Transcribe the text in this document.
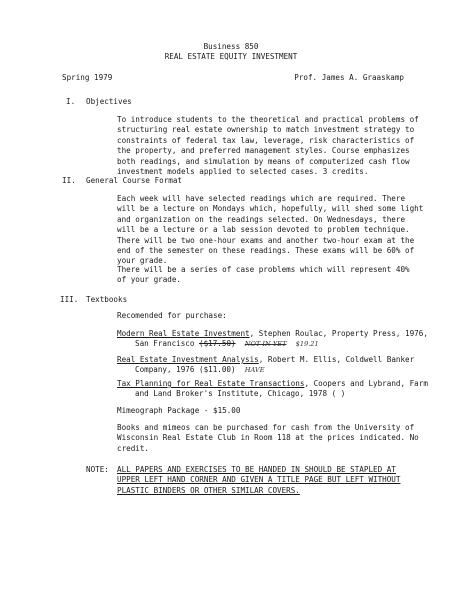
Business 850
REAL ESTATE EQUITY INVESTMENT
Spring 1979	Prof. James A. Graaskamp
I. Objectives
To introduce students to the theoretical and practical problems of
structuring real estate ownership to match investment strategy to
constraints of federal tax law, leverage, risk characteristics of
the property, and preferred management styles. Course emphasizes
both readings, and simulation by means of computerized cash flow
investment models applied to selected cases. 3 credits.
II. General Course Format
Each week will have selected readings which are required. There
will be a lecture on Mondays which, hopefully, will shed some light
and organization on the readings selected. On Wednesdays, there
will be a lecture or a lab session devoted to problem technique.
There will be two one-hour exams and another two-hour exam at the
end of the semester on these readings. These exams will be 60% of
your grade.
There will be a series of case problems which will represent 40%
of your grade.
III. Textbooks
Recomended for purchase:
Modern Real Estate Investment, Stephen Roulac, Property Press, 1976,
San Francisco ($17.50) NOT IN YET $19.21
Real Estate Investment Analysis, Robert M. Ellis, Coldwell Banker
Company, 1976 ($11.00) HAVE
Tax Planning for Real Estate Transactions, Coopers and Lybrand, Farm
and Land Broker's Institute, Chicago, 1978 ( )
Mimeograph Package - $15.00
Books and mimeos can be purchased for cash from the University of
Wisconsin Real Estate Club in Room 118 at the prices indicated. No
credit.
NOTE: ALL PAPERS AND EXERCISES TO BE HANDED IN SHOULD BE STAPLED AT
UPPER LEFT HAND CORNER AND GIVEN A TITLE PAGE BUT LEFT WITHOUT
PLASTIC BINDERS OR OTHER SIMILAR COVERS.
